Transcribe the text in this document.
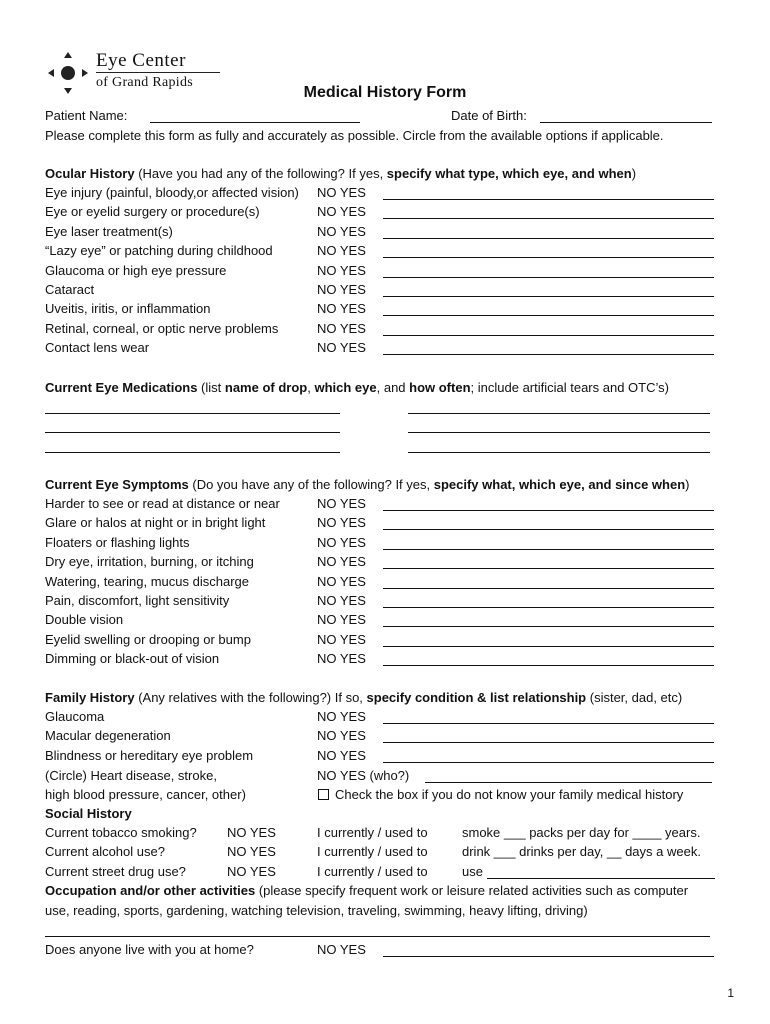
Eye Center
of Grand Rapids
Medical History Form
Patient Name:	Date of Birth:
Please complete this form as fully and accurately as possible. Circle from the available options if applicable.
Ocular History (Have you had any of the following? If yes, specify what type, which eye, and when)
Eye injury (painful, bloody,or affected vision) NO YES
Eye or eyelid surgery or procedure(s)	NO YES
Eye laser treatment(s)	NO YES
“Lazy eye” or patching during childhood	NO YES
Glaucoma or high eye pressure	NO YES
Cataract	NO YES
Uveitis, iritis, or inflammation	NO YES
Retinal, corneal, or optic nerve problems	NO YES
Contact lens wear	NO YES
Current Eye Medications (list name of drop, which eye, and how often; include artificial tears and OTC’s)
Current Eye Symptoms (Do you have any of the following? If yes, specify what, which eye, and since when)
Harder to see or read at distance or near	NO YES
Glare or halos at night or in bright light	NO YES
Floaters or flashing lights	NO YES
Dry eye, irritation, burning, or itching	NO YES
Watering, tearing, mucus discharge	NO YES
Pain, discomfort, light sensitivity	NO YES
Double vision	NO YES
Eyelid swelling or drooping or bump	NO YES
Dimming or black-out of vision	NO YES
Family History (Any relatives with the following?) If so, specify condition & list relationship (sister, dad, etc)
Glaucoma	NO YES
Macular degeneration	NO YES
Blindness or hereditary eye problem	NO YES
(Circle) Heart disease, stroke,	NO YES (who?)
high blood pressure, cancer, other)	Check the box if you do not know your family medical history
Social History
Current tobacco smoking? NO YES	I currently / used to	smoke ___ packs per day for ____ years.
Current alcohol use?	NO YES	I currently / used to	drink ___ drinks per day, __ days a week.
Current street drug use?	NO YES	I currently / used to	use
Occupation and/or other activities (please specify frequent work or leisure related activities such as computer
use, reading, sports, gardening, watching television, traveling, swimming, heavy lifting, driving)
Does anyone live with you at home?	NO YES
1
